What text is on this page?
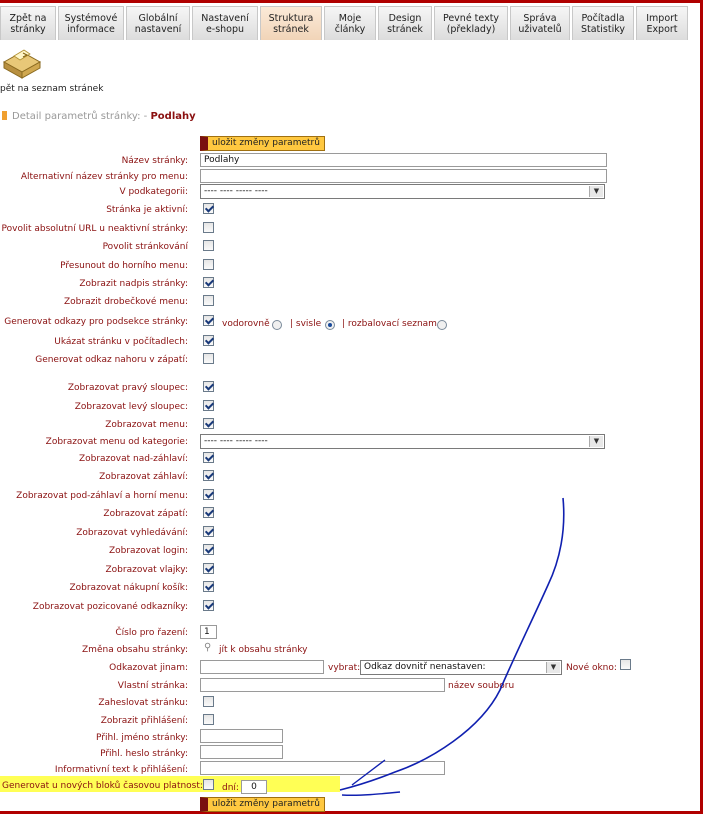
Zpět na
stránky
Systémové
informace
Globální
nastavení
Nastavení
e-shopu
Struktura
stránek
Moje
články
Design
stránek
Pevné texty
(překlady)
Správa
uživatelů
Počítadla
Statistiky
Import
Export
pět na seznam stránek
Detail parametrů stránky: - Podlahy
uložit změny parametrů
Název stránky:	Podlahy
Alternativní název stránky pro menu:
V podkategorii:	---- ---- ----- ----	▼
Stránka je aktivní:
Povolit absolutní URL u neaktivní stránky:
Povolit stránkování
Přesunout do horního menu:
Zobrazit nadpis stránky:
Zobrazit drobečkové menu:
Generovat odkazy pro podsekce stránky:	vodorovně | svisle | rozbalovací seznam
Ukázat stránku v počítadlech:
Generovat odkaz nahoru v zápatí:
Zobrazovat pravý sloupec:
Zobrazovat levý sloupec:
Zobrazovat menu:
Zobrazovat menu od kategorie:	---- ---- ----- ----	▼
Zobrazovat nad-záhlaví:
Zobrazovat záhlaví:
Zobrazovat pod-záhlaví a horní menu:
Zobrazovat zápatí:
Zobrazovat vyhledávání:
Zobrazovat login:
Zobrazovat vlajky:
Zobrazovat nákupní košík:
Zobrazovat pozicované odkazníky:
Číslo pro řazení:	1
Změna obsahu stránky: ⚲ jít k obsahu stránky
Odkazovat jinam:	vybrat: Odkaz dovnitř nenastaven:	▼	Nové okno:
Vlastní stránka:	název souboru
Zaheslovat stránku:
Zobrazit přihlášení:
Přihl. jméno stránky:
Přihl. heslo stránky:
Informativní text k přihlášení:
Generovat u nových bloků časovou platnost: dní:	0
uložit změny parametrů
